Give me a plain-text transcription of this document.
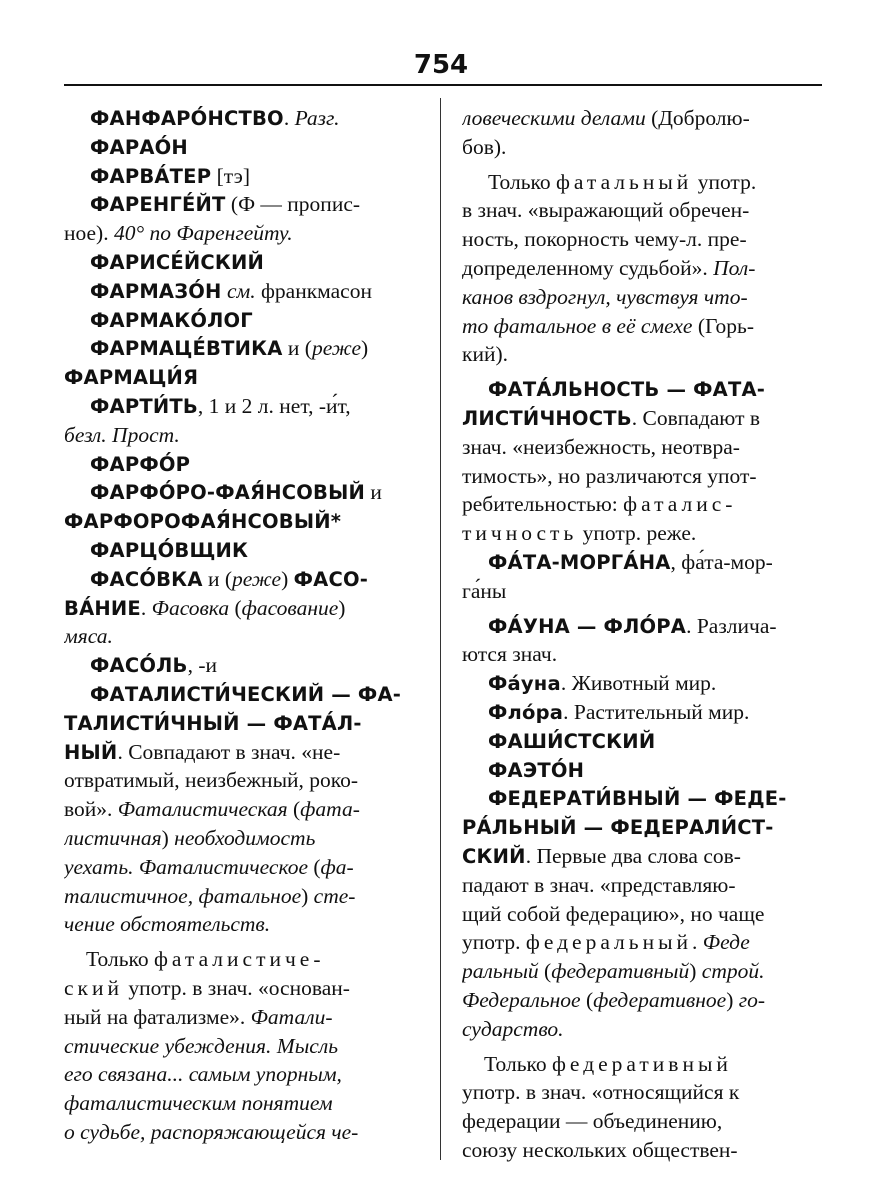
754
ФАНФАРО́НСТВО. Разг.
ФАРАО́Н
ФАРВА́ТЕР [тэ]
ФАРЕНГЕ́ЙТ (Ф — пропис-
ное). 40° по Фаренгейту.
ФАРИСЕ́ЙСКИЙ
ФАРМАЗО́Н см. франкмасон
ФАРМАКО́ЛОГ
ФАРМАЦЕ́ВТИКА и (реже)
ФАРМАЦИ́Я
ФАРТИ́ТЬ, 1 и 2 л. нет, -и́т,
безл. Прост.
ФАРФО́Р
ФАРФО́РО-ФАЯ́НСОВЫЙ и
ФАРФОРОФАЯ́НСОВЫЙ*
ФАРЦО́ВЩИК
ФАСО́ВКА и (реже) ФАСО-
ВА́НИЕ. Фасовка (фасование)
мяса.
ФАСО́ЛЬ, -и
ФАТАЛИСТИ́ЧЕСКИЙ — ФА-
ТАЛИСТИ́ЧНЫЙ — ФАТА́Л-
НЫЙ. Совпадают в знач. «не-
отвратимый, неизбежный, роко-
вой». Фаталистическая (фата-
листичная) необходимость
уехать. Фаталистическое (фа-
талистичное, фатальное) сте-
чение обстоятельств.
Только фаталистиче-
ский употр. в знач. «основан-
ный на фатализме». Фатали-
стические убеждения. Мысль
его связана... самым упорным,
фаталистическим понятием
о судьбе, распоряжающейся че-
ловеческими делами (Добролю-
бов).
Только фатальный употр.
в знач. «выражающий обречен-
ность, покорность чему-л. пре-
допределенному судьбой». Пол-
канов вздрогнул, чувствуя что-
то фатальное в её смехе (Горь-
кий).
ФАТА́ЛЬНОСТЬ — ФАТА-
ЛИСТИ́ЧНОСТЬ. Совпадают в
знач. «неизбежность, неотвра-
тимость», но различаются упот-
ребительностью: фаталис-
тичность употр. реже.
ФА́ТА-МОРГА́НА, фа́та-мор-
га́ны
ФА́УНА — ФЛО́РА. Различа-
ются знач.
Фа́уна. Животный мир.
Фло́ра. Растительный мир.
ФАШИ́СТСКИЙ
ФАЭТО́Н
ФЕДЕРАТИ́ВНЫЙ — ФЕДЕ-
РА́ЛЬНЫЙ — ФЕДЕРАЛИ́СТ-
СКИЙ. Первые два слова сов-
падают в знач. «представляю-
щий собой федерацию», но чаще
употр. федеральный. Феде
ральный (федеративный) строй.
Федеральное (федеративное) го-
сударство.
Только федеративный
употр. в знач. «относящийся к
федерации — объединению,
союзу нескольких обществен-
